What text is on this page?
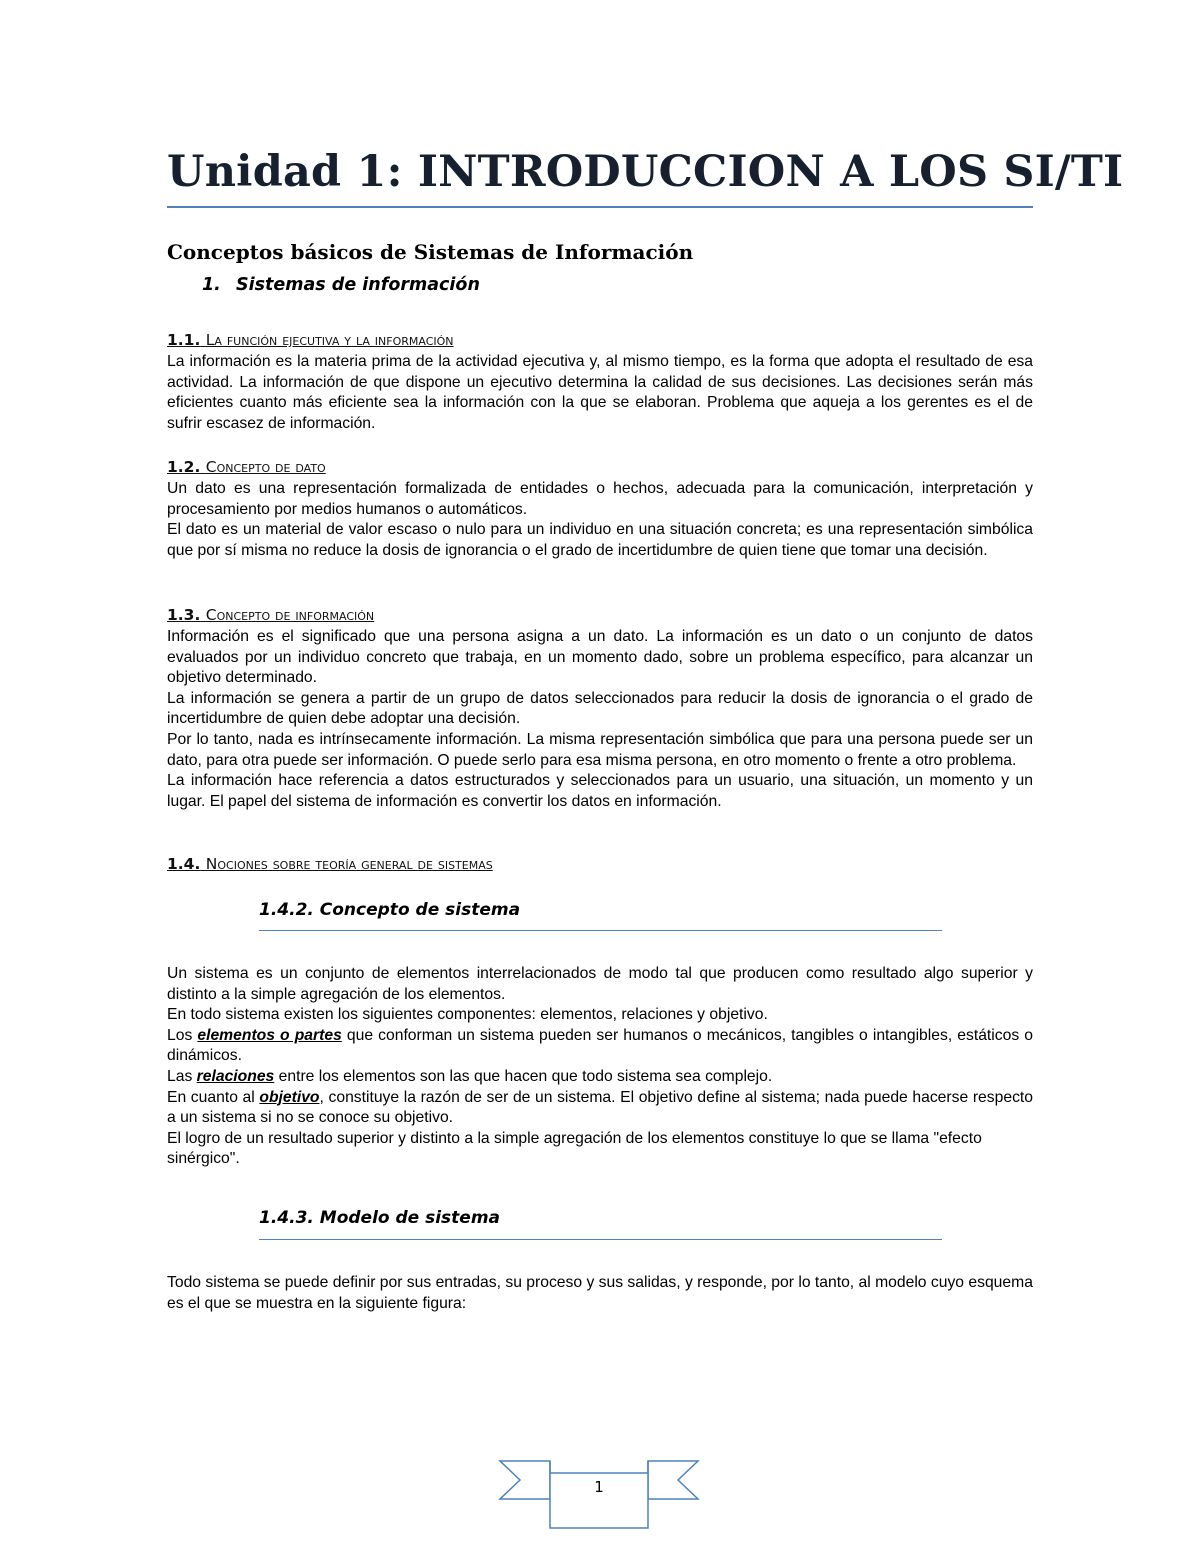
Unidad 1: INTRODUCCION A LOS SI/TI
Conceptos básicos de Sistemas de Información
1. Sistemas de información
1.1. La función ejecutiva y la información

La información es la materia prima de la actividad ejecutiva y, al mismo tiempo, es la forma que adopta el resultado de esa actividad. La información de que dispone un ejecutivo determina la calidad de sus decisiones. Las decisiones serán más eficientes cuanto más eficiente sea la información con la que se elaboran. Problema que aqueja a los gerentes es el de sufrir escasez de información.

1.2. Concepto de dato

Un dato es una representación formalizada de entidades o hechos, adecuada para la comunicación, interpretación y procesamiento por medios humanos o automáticos.

El dato es un material de valor escaso o nulo para un individuo en una situación concreta; es una representación simbólica que por sí misma no reduce la dosis de ignorancia o el grado de incertidumbre de quien tiene que tomar una decisión.

1.3. Concepto de información

Información es el significado que una persona asigna a un dato. La información es un dato o un conjunto de datos evaluados por un individuo concreto que trabaja, en un momento dado, sobre un problema específico, para alcanzar un objetivo determinado.

La información se genera a partir de un grupo de datos seleccionados para reducir la dosis de ignorancia o el grado de incertidumbre de quien debe adoptar una decisión.

Por lo tanto, nada es intrínsecamente información. La misma representación simbólica que para una persona puede ser un dato, para otra puede ser información. O puede serlo para esa misma persona, en otro momento o frente a otro problema.

La información hace referencia a datos estructurados y seleccionados para un usuario, una situación, un momento y un lugar. El papel del sistema de información es convertir los datos en información.

1.4. Nociones sobre teoría general de sistemas
1.4.2. Concepto de sistema

Un sistema es un conjunto de elementos interrelacionados de modo tal que producen como resultado algo superior y distinto a la simple agregación de los elementos.

En todo sistema existen los siguientes componentes: elementos, relaciones y objetivo.

Los elementos o partes que conforman un sistema pueden ser humanos o mecánicos, tangibles o intangibles, estáticos o dinámicos.

Las relaciones entre los elementos son las que hacen que todo sistema sea complejo.

En cuanto al objetivo, constituye la razón de ser de un sistema. El objetivo define al sistema; nada puede hacerse respecto a un sistema si no se conoce su objetivo.

El logro de un resultado superior y distinto a la simple agregación de los elementos constituye lo que se llama "efecto sinérgico".

1.4.3. Modelo de sistema

Todo sistema se puede definir por sus entradas, su proceso y sus salidas, y responde, por lo tanto, al modelo cuyo esquema es el que se muestra en la siguiente figura:

1
